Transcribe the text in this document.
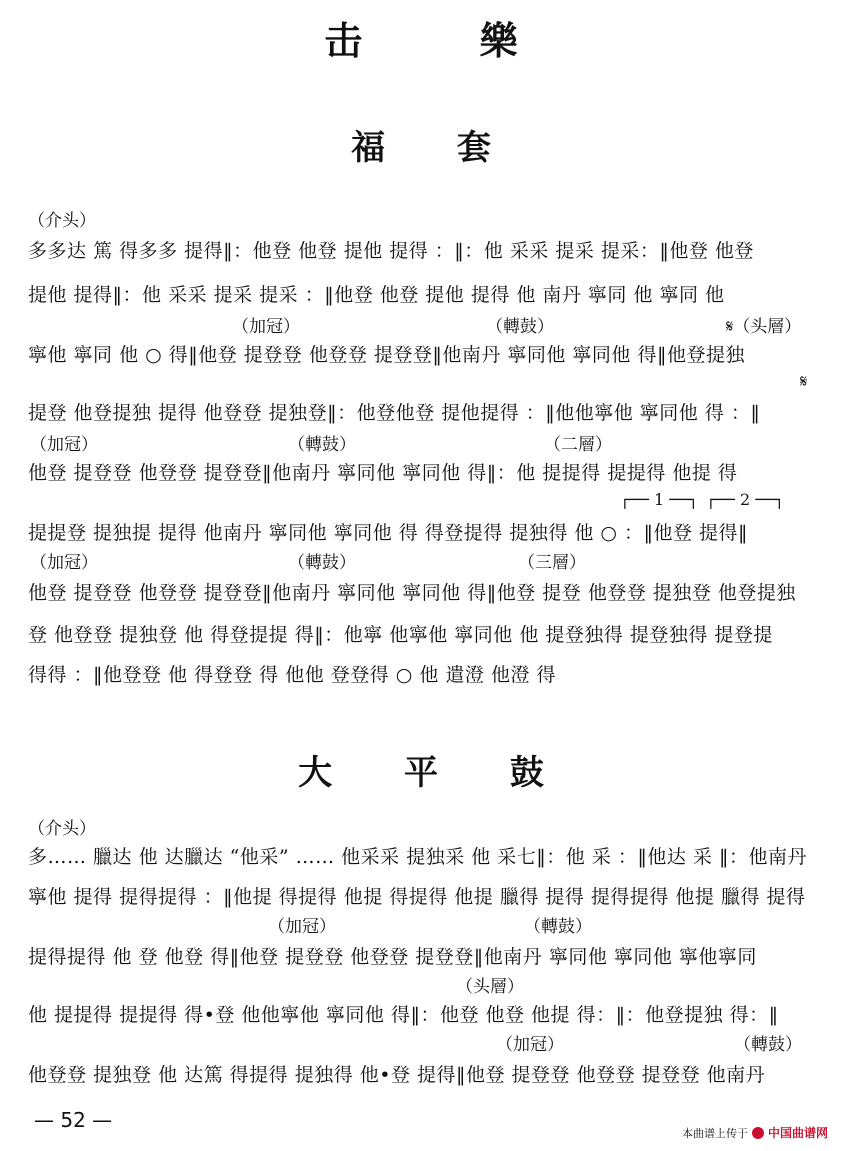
击 樂
福 套
（介头）
多多达 篤 得多多 提得‖：他登 他登 提他 提得 ：‖：他 采采 提采 提采：‖他登 他登
提他 提得‖：他 采采 提采 提采 ：‖他登 他登 提他 提得 他 南丹 寧同 他 寧同 他
（加冠）	（轉鼓）	𝄋（头層）
寧他 寧同 他 ○ 得‖他登 提登登 他登登 提登登‖他南丹 寧同他 寧同他 得‖他登提独
𝄋
提登 他登提独 提得 他登登 提独登‖：他登他登 提他提得 ：‖他他寧他 寧同他 得 ：‖
（加冠）	（轉鼓）	（二層）
他登 提登登 他登登 提登登‖他南丹 寧同他 寧同他 得‖：他 提提得 提提得 他提 得
┌── 1 ──┐ ┌── 2 ──┐
提提登 提独提 提得 他南丹 寧同他 寧同他 得 得登提得 提独得 他 ○ ：‖他登 提得‖
（加冠）	（轉鼓）	（三層）
他登 提登登 他登登 提登登‖他南丹 寧同他 寧同他 得‖他登 提登 他登登 提独登 他登提独
登 他登登 提独登 他 得登提提 得‖：他寧 他寧他 寧同他 他 提登独得 提登独得 提登提
得得 ：‖他登登 他 得登登 得 他他 登登得 ○ 他 遣澄 他澄 得
大 平 鼓
（介头）
多…… 臘达 他 达臘达 “他采” …… 他采采 提独采 他 采七‖：他 采 ：‖他达 采 ‖：他南丹
寧他 提得 提得提得 ：‖他提 得提得 他提 得提得 他提 臘得 提得 提得提得 他提 臘得 提得
（加冠）	（轉鼓）
提得提得 他 登 他登 得‖他登 提登登 他登登 提登登‖他南丹 寧同他 寧同他 寧他寧同
（头層）
他 提提得 提提得 得•登 他他寧他 寧同他 得‖：他登 他登 他提 得：‖：他登提独 得：‖
（加冠）	（轉鼓）
他登登 提独登 他 达篤 得提得 提独得 他•登 提得‖他登 提登登 他登登 提登登 他南丹
— 52 —
本曲谱上传于 中国曲谱网
